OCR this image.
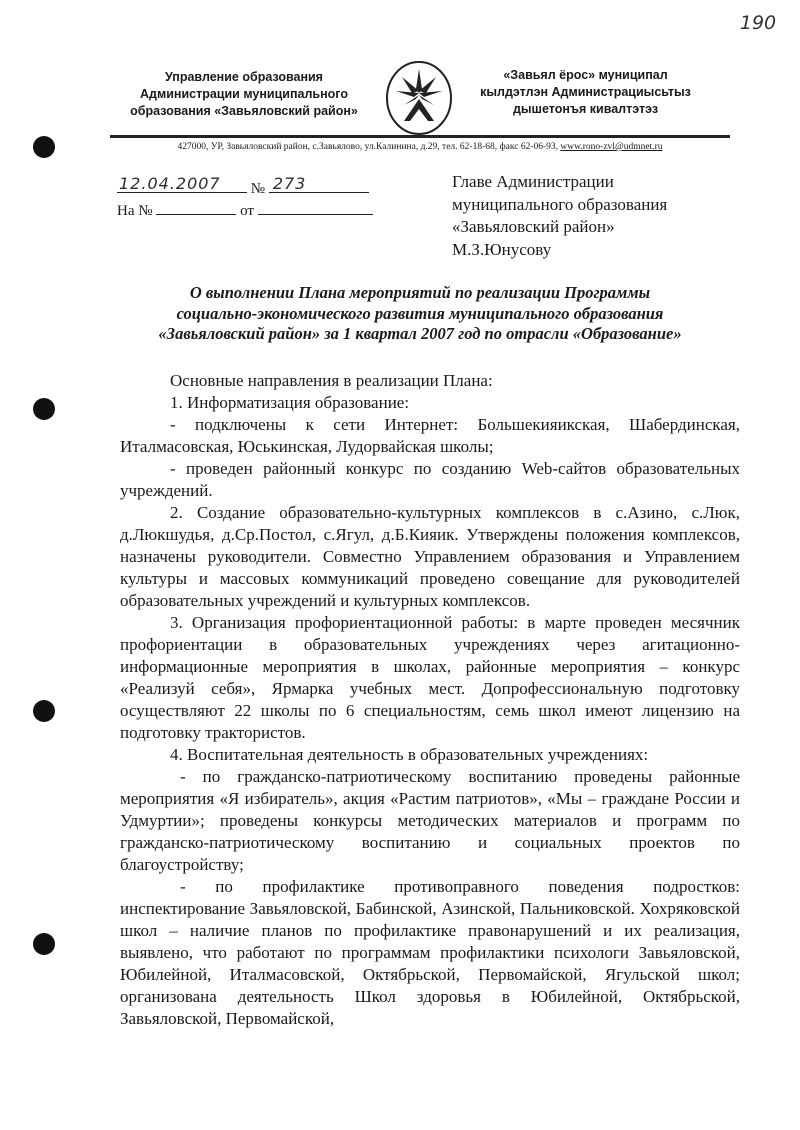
190
Управление образования
Администрации муниципального
образования «Завьяловский район»
«Завьял ёрос» муниципал
кылдэтлэн Администрациысьтыз
дышетонъя кивалтэтэз
427000, УР, Завьяловский район, с.Завьялово, ул.Калинина, д.29, тел. 62-18-68, факс 62-06-93, www.rono-zvl@udmnet.ru
12.04.2007 № 273
На №	от
Главе Администрации
муниципального образования
«Завьяловский район»
М.З.Юнусову
О выполнении Плана мероприятий по реализации Программы
социально-экономического развития муниципального образования
«Завьяловский район» за 1 квартал 2007 год по отрасли «Образование»

Основные направления в реализации Плана:

1. Информатизация образование:

- подключены к сети Интернет: Большекияикская, Шабердинская, Италмасовская, Юськинская, Лудорвайская школы;

- проведен районный конкурс по созданию Web-сайтов образовательных учреждений.

2. Создание образовательно-культурных комплексов в с.Азино, с.Люк, д.Люкшудья, д.Ср.Постол, с.Ягул, д.Б.Кияик. Утверждены положения комплексов, назначены руководители. Совместно Управлением образования и Управлением культуры и массовых коммуникаций проведено совещание для руководителей образовательных учреждений и культурных комплексов.

3. Организация профориентационной работы: в марте проведен месячник профориентации в образовательных учреждениях через агитационно-информационные мероприятия в школах, районные мероприятия – конкурс «Реализуй себя», Ярмарка учебных мест. Допрофессиональную подготовку осуществляют 22 школы по 6 специальностям, семь школ имеют лицензию на подготовку трактористов.

4. Воспитательная деятельность в образовательных учреждениях:

- по гражданско-патриотическому воспитанию проведены районные мероприятия «Я избиратель», акция «Растим патриотов», «Мы – граждане России и Удмуртии»; проведены конкурсы методических материалов и программ по гражданско-патриотическому воспитанию и социальных проектов по благоустройству;

- по профилактике противоправного поведения подростков: инспектирование Завьяловской, Бабинской, Азинской, Пальниковской. Хохряковской школ – наличие планов по профилактике правонарушений и их реализация, выявлено, что работают по программам профилактики психологи Завьяловской, Юбилейной, Италмасовской, Октябрьской, Первомайской, Ягульской школ; организована деятельность Школ здоровья в Юбилейной, Октябрьской, Завьяловской, Первомайской,
